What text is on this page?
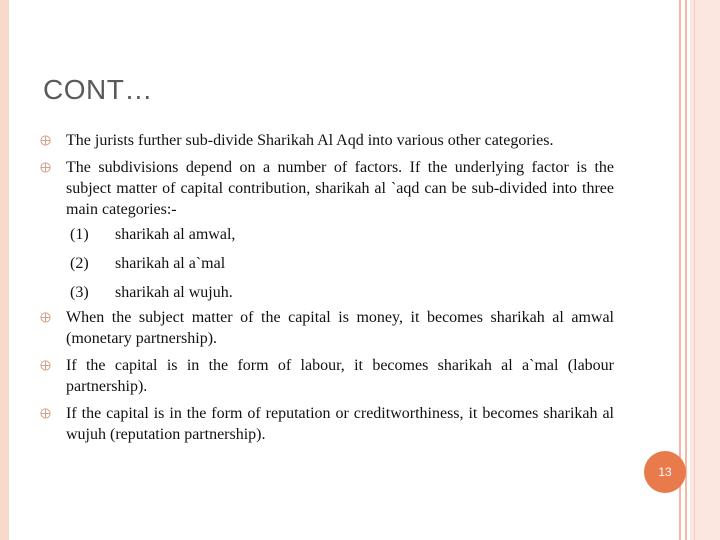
CONT…
The jurists further sub-divide Sharikah Al Aqd into various other categories.
The subdivisions depend on a number of factors. If the underlying factor is the subject matter of capital contribution, sharikah al `aqd can be sub-divided into three main categories:-
(1)	sharikah al amwal,
(2)	sharikah al a`mal
(3)	sharikah al wujuh.
When the subject matter of the capital is money, it becomes sharikah al amwal (monetary partnership).
If the capital is in the form of labour, it becomes sharikah al a`mal (labour partnership).
If the capital is in the form of reputation or creditworthiness, it becomes sharikah al wujuh (reputation partnership).
13
